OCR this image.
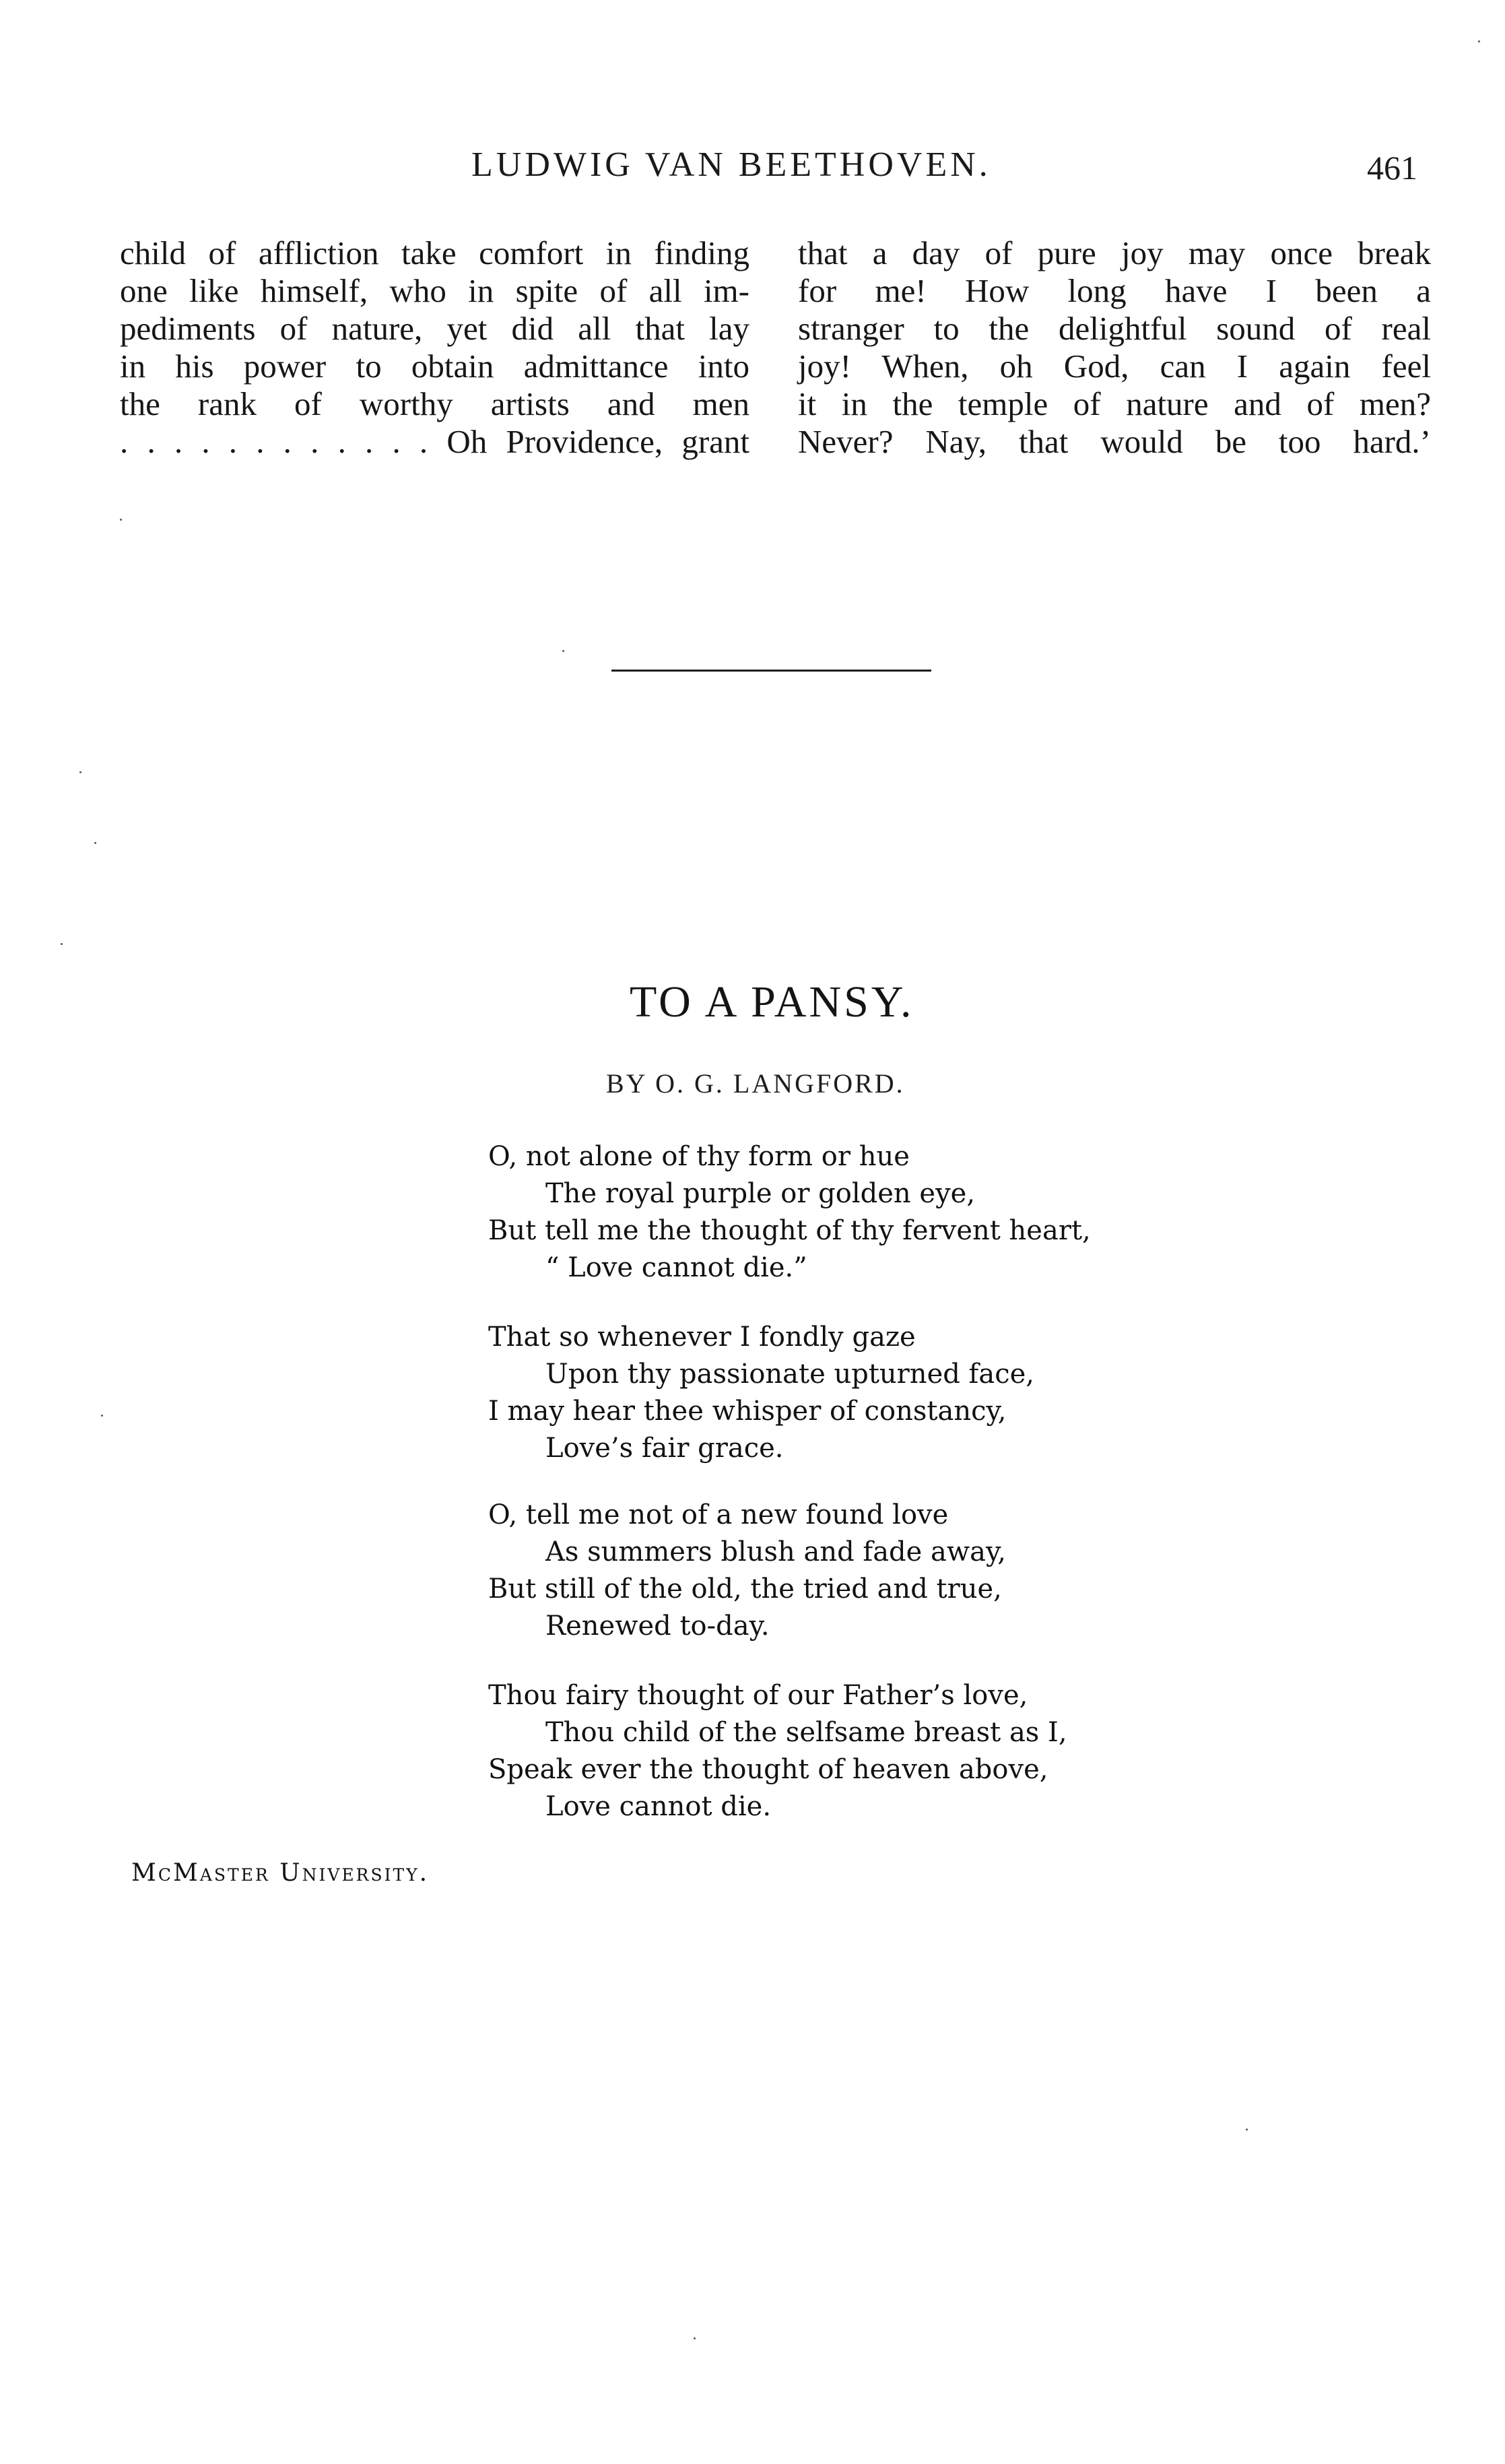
LUDWIG VAN BEETHOVEN.	461
child of affliction take comfort in finding
one like himself, who in spite of all im-
pediments of nature, yet did all that lay
in his power to obtain admittance into
the rank of worthy artists and men
. . . . . . . . . . . . Oh Providence, grant
that a day of pure joy may once break
for me! How long have I been a
stranger to the delightful sound of real
joy! When, oh God, can I again feel
it in the temple of nature and of men?
Never? Nay, that would be too hard.’
TO A PANSY.
BY O. G. LANGFORD.
O, not alone of thy form or hue
The royal purple or golden eye,
But tell me the thought of thy fervent heart,
“ Love cannot die.”
That so whenever I fondly gaze
Upon thy passionate upturned face,
I may hear thee whisper of constancy,
Love’s fair grace.
O, tell me not of a new found love
As summers blush and fade away,
But still of the old, the tried and true,
Renewed to-day.
Thou fairy thought of our Father’s love,
Thou child of the selfsame breast as I,
Speak ever the thought of heaven above,
Love cannot die.
McMaster University.
